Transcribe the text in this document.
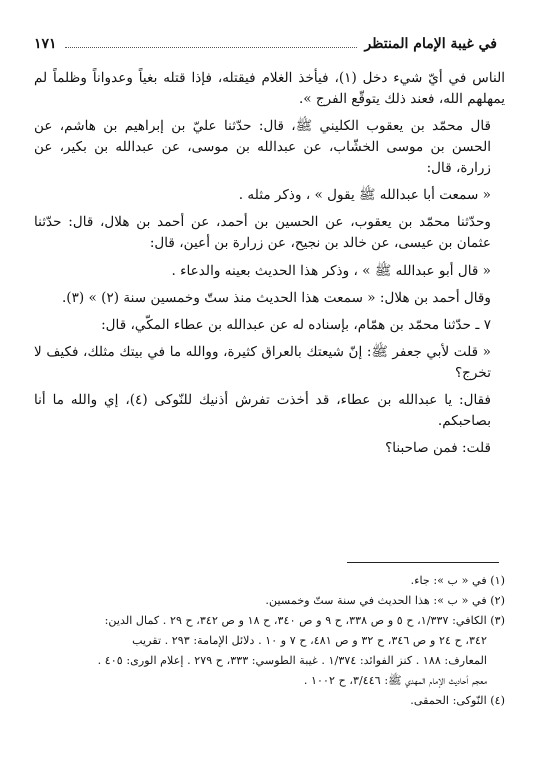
١٧١	في غيبة الإمام المنتظر

الناس في أيّ شيء دخل (١)، فيأخذ الغلام فيقتله، فإذا قتله بغياً وعدواناً وظلماً لم يمهلهم الله، فعند ذلك يتوقّع الفرج ».

قال محمّد بن يعقوب الكليني ﷺ، قال: حدّثنا عليّ بن إبراهيم بن هاشم، عن الحسن بن موسى الخشّاب، عن عبدالله بن موسى، عن عبدالله بن بكير، عن زرارة، قال:

« سمعت أبا عبدالله ﷺ يقول » ، وذكر مثله .

وحدّثنا محمّد بن يعقوب، عن الحسين بن أحمد، عن أحمد بن هلال، قال: حدّثنا عثمان بن عيسى، عن خالد بن نجيح، عن زرارة بن أعين، قال:

« قال أبو عبدالله ﷺ » ، وذكر هذا الحديث بعينه والدعاء .

وقال أحمد بن هلال: « سمعت هذا الحديث منذ ستّ وخمسين سنة (٢) » (٣).

٧ ـ حدّثنا محمّد بن همّام، بإسناده له عن عبدالله بن عطاء المكّي، قال:

« قلت لأبي جعفر ﷺ: إنّ شيعتك بالعراق كثيرة، ووالله ما في بيتك مثلك، فكيف لا تخرج؟

فقال: يا عبدالله بن عطاء، قد أخذت تفرش أذنيك للنّوكى (٤)، إي والله ما أنا بصاحبكم.

قلت: فمن صاحبنا؟

(١) في « ب »: جاء.
(٢) في « ب »: هذا الحديث في سنة ستّ وخمسين.
(٣) الكافي: ١/٣٣٧، ح ٥ و ص ٣٣٨، ح ٩ و ص ٣٤٠، ح ١٨ و ص ٣٤٢، ح ٢٩ . كمال الدين:
٣٤٢، ح ٢٤ و ص ٣٤٦، ح ٣٢ و ص ٤٨١، ح ٧ و ١٠ . دلائل الإمامة: ٢٩٣ . تقريب
المعارف: ١٨٨ . كنز الفوائد: ١/٣٧٤ . غيبة الطوسي: ٣٣٣، ح ٢٧٩ . إعلام الورى: ٤٠٥ .
معجم أحاديث الإمام المهدي ﷺ: ٣/٤٤٦، ح ١٠٠٢ .
(٤) النّوكى: الحمقى.
